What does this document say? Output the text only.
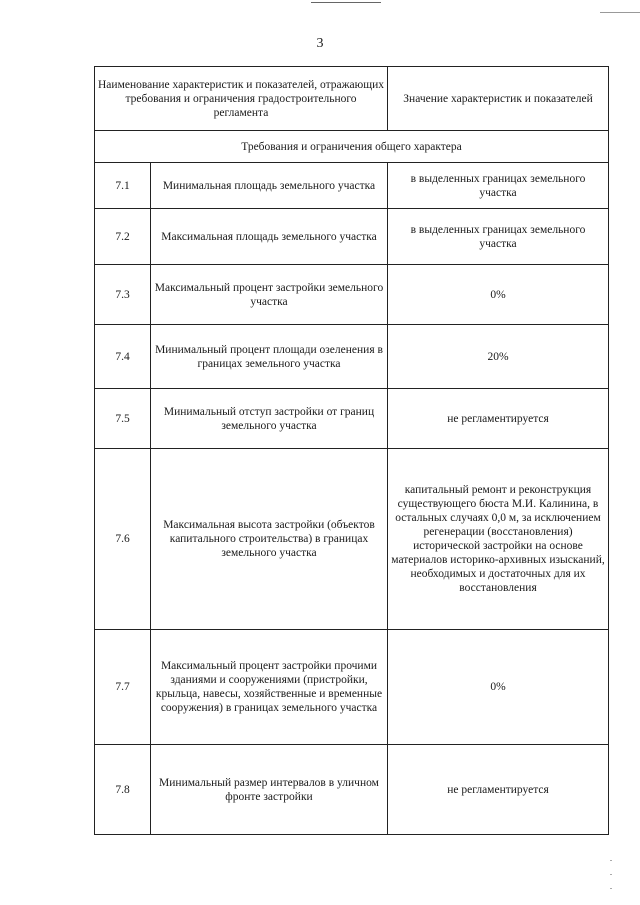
3
Наименование характеристик и показателей, отражающих требования и ограничения градостроительного регламента		Значение характеристик и показателей
Требования и ограничения общего характера		
7.1	Минимальная площадь земельного участка	в выделенных границах земельного участка
7.2	Максимальная площадь земельного участка	в выделенных границах земельного участка
7.3	Максимальный процент застройки земельного участка	0%
7.4	Минимальный процент площади озеленения в границах земельного участка	20%
7.5	Минимальный отступ застройки от границ земельного участка	не регламентируется
7.6	Максимальная высота застройки (объектов капитального строительства) в границах земельного участка	капитальный ремонт и реконструкция существующего бюста М.И. Калинина, в остальных случаях 0,0 м, за исключением регенерации (восстановления) исторической застройки на основе материалов историко-архивных изысканий, необходимых и достаточных для их восстановления
7.7	Максимальный процент застройки прочими зданиями и сооружениями (пристройки, крыльца, навесы, хозяйственные и временные сооружения) в границах земельного участка	0%
7.8	Минимальный размер интервалов в уличном фронте застройки	не регламентируется
